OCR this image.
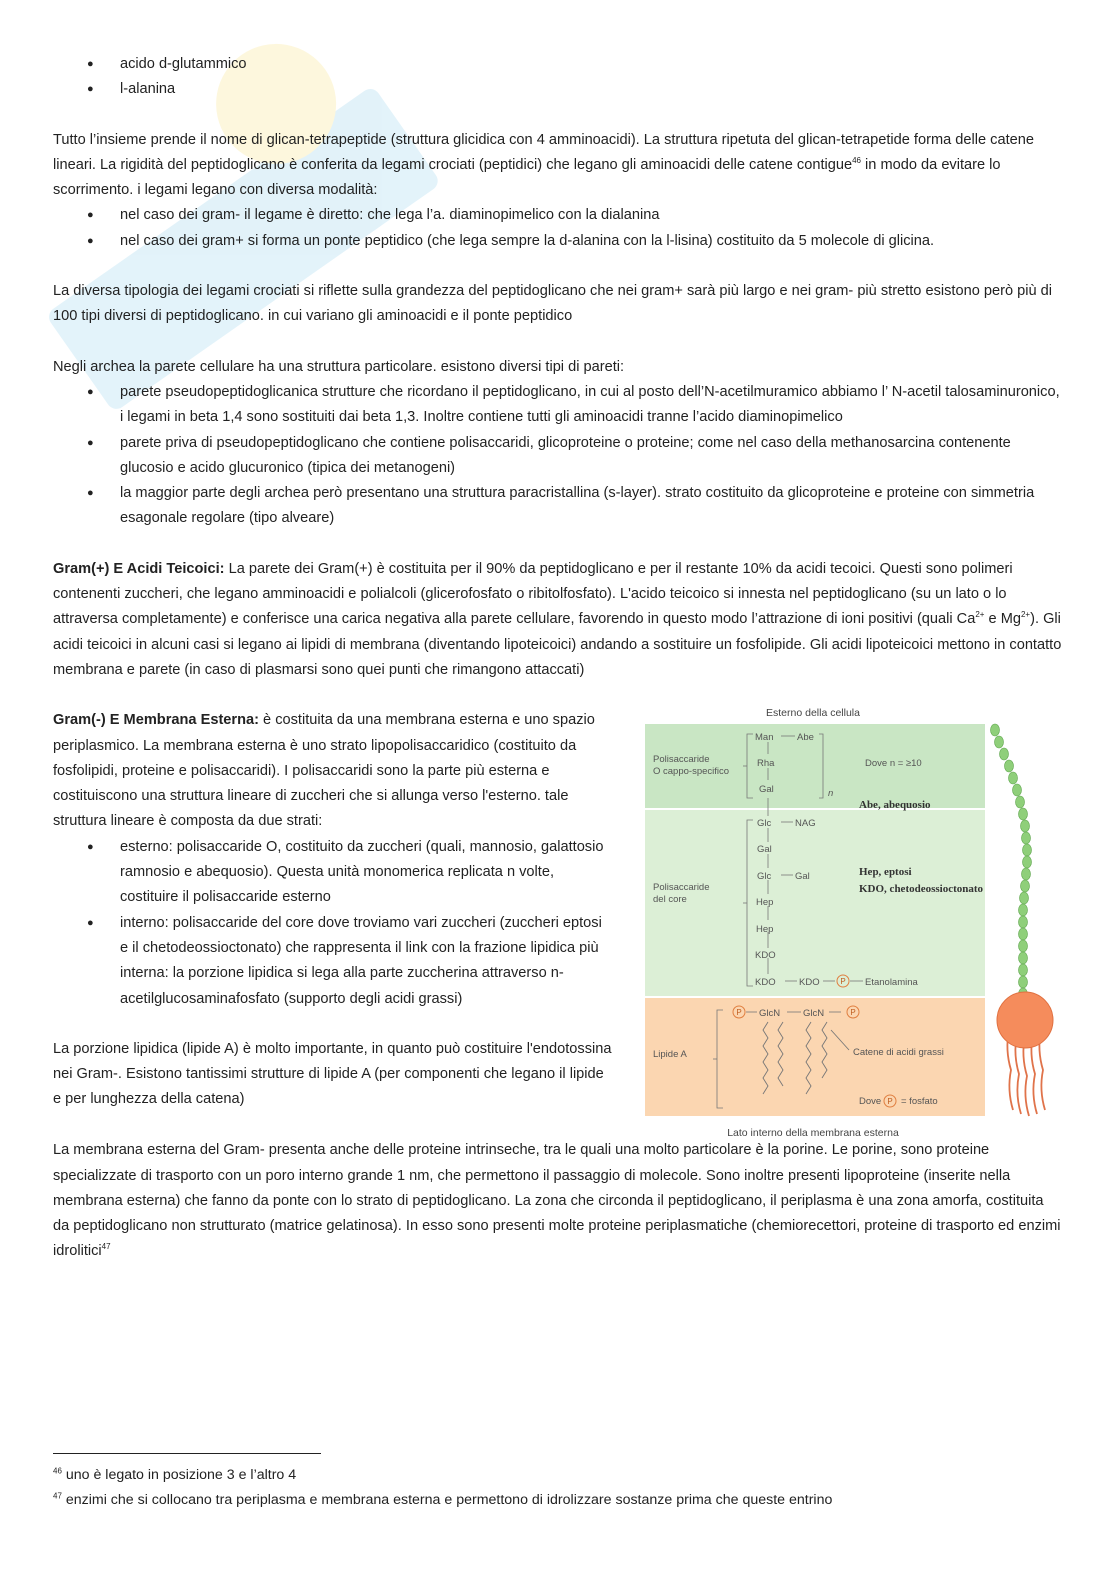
● acido d-glutammico
● l-alanina

Tutto l’insieme prende il nome di glican-tetrapeptide (struttura glicidica con 4 amminoacidi). La struttura ripetuta del glican-tetrapetide forma delle catene lineari. La rigidità del peptidoglicano è conferita da legami crociati (peptidici) che legano gli aminoacidi delle catene contigue$^{46}$ in modo da evitare lo scorrimento. i legami legano con diversa modalità:

● nel caso dei gram- il legame è diretto: che lega l’a. diaminopimelico con la dialanina
● nel caso dei gram+ si forma un ponte peptidico (che lega sempre la d-alanina con la l-lisina) costituito da 5 molecole di glicina.

La diversa tipologia dei legami crociati si riflette sulla grandezza del peptidoglicano che nei gram+ sarà più largo e nei gram- più stretto esistono però più di 100 tipi diversi di peptidoglicano. in cui variano gli aminoacidi e il ponte peptidico

Negli archea la parete cellulare ha una struttura particolare. esistono diversi tipi di pareti:

● parete pseudopeptidoglicanica strutture che ricordano il peptidoglicano, in cui al posto dell’N-acetilmuramico abbiamo l’ N-acetil talosaminuronico, i legami in beta 1,4 sono sostituiti dai beta 1,3. Inoltre contiene tutti gli aminoacidi tranne l’acido diaminopimelico
● parete priva di pseudopeptidoglicano che contiene polisaccaridi, glicoproteine o proteine; come nel caso della methanosarcina contenente glucosio e acido glucuronico (tipica dei metanogeni)
● la maggior parte degli archea però presentano una struttura paracristallina (s-layer). strato costituito da glicoproteine e proteine con simmetria esagonale regolare (tipo alveare)

Gram(+) E Acidi Teicoici: La parete dei Gram(+) è costituita per il 90% da peptidoglicano e per il restante 10% da acidi tecoici. Questi sono polimeri contenenti zuccheri, che legano amminoacidi e polialcoli (glicerofosfato o ribitolfosfato). L'acido teicoico si innesta nel peptidoglicano (su un lato o lo attraversa completamente) e conferisce una carica negativa alla parete cellulare, favorendo in questo modo l’attrazione di ioni positivi (quali $Ca^{2+}$ e $Mg^{2+}$). Gli acidi teicoici in alcuni casi si legano ai lipidi di membrana (diventando lipoteicoici) andando a sostituire un fosfolipide. Gli acidi lipoteicoici mettono in contatto membrana e parete (in caso di plasmarsi sono quei punti che rimangono attaccati)

Gram(-) E Membrana Esterna: è costituita da una membrana esterna e uno spazio periplasmico. La membrana esterna è uno strato lipopolisaccaridico (costituito da fosfolipidi, proteine e polisaccaridi). I polisaccaridi sono la parte più esterna e costituiscono una struttura lineare di zuccheri che si allunga verso l'esterno. tale struttura lineare è composta da due strati:

● esterno: polisaccaride O, costituito da zuccheri (quali, mannosio, galattosio ramnosio e abequosio). Questa unità monomerica replicata n volte, costituire il polisaccaride esterno
● interno: polisaccaride del core dove troviamo vari zuccheri (zuccheri eptosi e il chetodeossioctonato) che rappresenta il link con la frazione lipidica più interna: la porzione lipidica si lega alla parte zuccherina attraverso n-acetilglucosaminafosfato (supporto degli acidi grassi)

La porzione lipidica (lipide A) è molto importante, in quanto può costituire l'endotossina nei Gram-. Esistono tantissimi strutture di lipide A (per componenti che legano il lipide e per lunghezza della catena)

Esterno della cellula
Polisaccaride
O cappo-specifico
Polisaccaride
del core
Lipide A
Man Abe
Rha
Gal	n
Dove n = ≥10
Glc	NAG
Gal
Glc	Gal
Hep
Hep
KDO
KDO KDO	Etanolamina
GlcN GlcN
Catene di acidi grassi
Dove = fosfato
Abe, abequosio
Hep, eptosi
KDO, chetodeossioctonato
P
P	P
P
Lato interno della membrana esterna

La membrana esterna del Gram- presenta anche delle proteine intrinseche, tra le quali una molto particolare è la porine. Le porine, sono proteine specializzate di trasporto con un poro interno grande 1 nm, che permettono il passaggio di molecole. Sono inoltre presenti lipoproteine (inserite nella membrana esterna) che fanno da ponte con lo strato di peptidoglicano. La zona che circonda il peptidoglicano, il periplasma è una zona amorfa, costituita da peptidoglicano non strutturato (matrice gelatinosa). In esso sono presenti molte proteine periplasmatiche (chemiorecettori, proteine di trasporto ed enzimi idrolitici$^{47}$

$^{46}$ uno è legato in posizione 3 e l’altro 4
$^{47}$ enzimi che si collocano tra periplasma e membrana esterna e permettono di idrolizzare sostanze prima che queste entrino
